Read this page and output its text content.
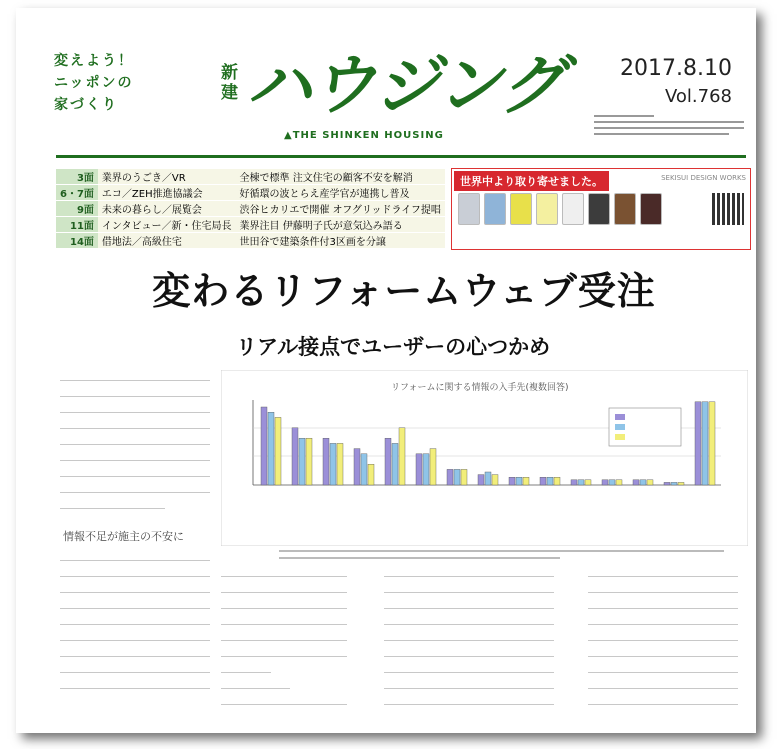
変えよう！
ニッポンの
家づくり
新
建 ハウジング
▲THE SHINKEN HOUSING
2017.8.10
Vol.768
3面	業界のうごき／VR	全棟で標準 注文住宅の顧客不安を解消
6・7面	エコ／ZEH推進協議会	好循環の波とらえ産学官が連携し普及
9面	未来の暮らし／展覧会	渋谷ヒカリエで開催 オフグリッドライフ提唱
11面	インタビュー／新・住宅局長	業界注目 伊藤明子氏が意気込み語る
14面	借地法／高級住宅	世田谷で建築条件付3区画を分譲
世界中より取り寄せました。	SEKISUI DESIGN WORKS
変わるリフォームウェブ受注
リアル接点でユーザーの心つかめ
情報不足が施主の不安に
リフォームに関する情報の入手先(複数回答)
